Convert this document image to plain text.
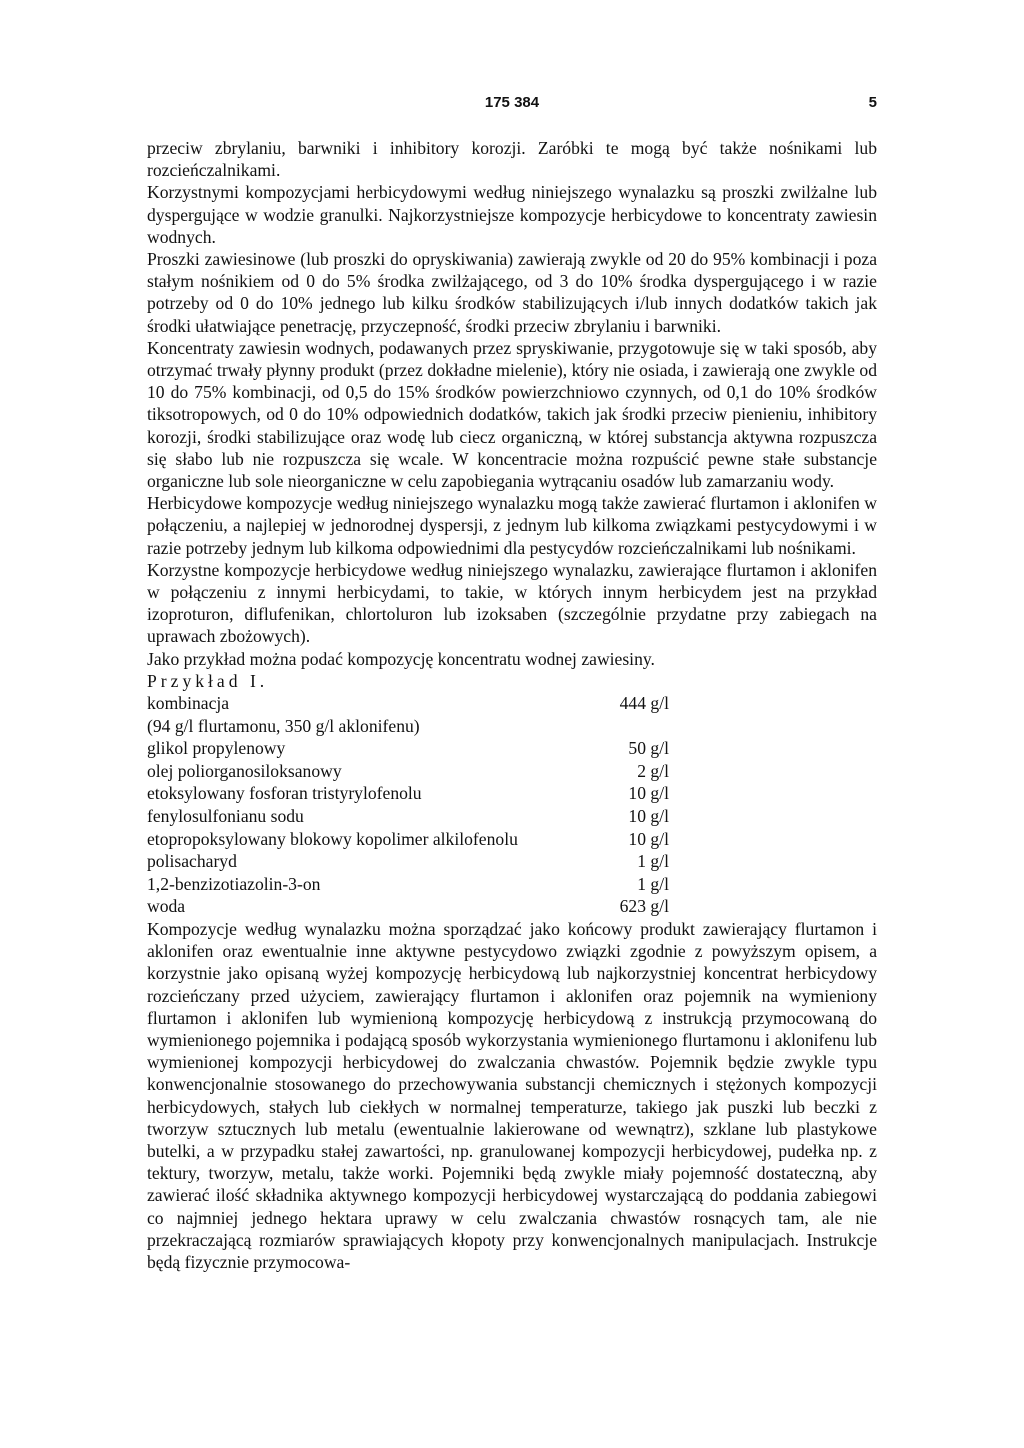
175 384	5

przeciw zbrylaniu, barwniki i inhibitory korozji. Zaróbki te mogą być także nośnikami lub rozcieńczalnikami.

Korzystnymi kompozycjami herbicydowymi według niniejszego wynalazku są proszki zwilżalne lub dyspergujące w wodzie granulki. Najkorzystniejsze kompozycje herbicydowe to koncentraty zawiesin wodnych.

Proszki zawiesinowe (lub proszki do opryskiwania) zawierają zwykle od 20 do 95% kombinacji i poza stałym nośnikiem od 0 do 5% środka zwilżającego, od 3 do 10% środka dyspergującego i w razie potrzeby od 0 do 10% jednego lub kilku środków stabilizujących i/lub innych dodatków takich jak środki ułatwiające penetrację, przyczepność, środki przeciw zbrylaniu i barwniki.

Koncentraty zawiesin wodnych, podawanych przez spryskiwanie, przygotowuje się w taki sposób, aby otrzymać trwały płynny produkt (przez dokładne mielenie), który nie osiada, i zawierają one zwykle od 10 do 75% kombinacji, od 0,5 do 15% środków powierzchniowo czynnych, od 0,1 do 10% środków tiksotropowych, od 0 do 10% odpowiednich dodatków, takich jak środki przeciw pienieniu, inhibitory korozji, środki stabilizujące oraz wodę lub ciecz organiczną, w której substancja aktywna rozpuszcza się słabo lub nie rozpuszcza się wcale. W koncentracie można rozpuścić pewne stałe substancje organiczne lub sole nieorganiczne w celu zapobiegania wytrącaniu osadów lub zamarzaniu wody.

Herbicydowe kompozycje według niniejszego wynalazku mogą także zawierać flurtamon i aklonifen w połączeniu, a najlepiej w jednorodnej dyspersji, z jednym lub kilkoma związkami pestycydowymi i w razie potrzeby jednym lub kilkoma odpowiednimi dla pestycydów rozcieńczalnikami lub nośnikami.

Korzystne kompozycje herbicydowe według niniejszego wynalazku, zawierające flurtamon i aklonifen w połączeniu z innymi herbicydami, to takie, w których innym herbicydem jest na przykład izoproturon, diflufenikan, chlortoluron lub izoksaben (szczególnie przydatne przy zabiegach na uprawach zbożowych).

Jako przykład można podać kompozycję koncentratu wodnej zawiesiny.

Przykład I.

kombinacja	444 g/l
(94 g/l flurtamonu, 350 g/l aklonifenu)	
glikol propylenowy	50 g/l
olej poliorganosiloksanowy	2 g/l
etoksylowany fosforan tristyrylofenolu	10 g/l
fenylosulfonianu sodu	10 g/l
etopropoksylowany blokowy kopolimer alkilofenolu	10 g/l
polisacharyd	1 g/l
1,2-benzizotiazolin-3-on	1 g/l
woda	623 g/l

Kompozycje według wynalazku można sporządzać jako końcowy produkt zawierający flurtamon i aklonifen oraz ewentualnie inne aktywne pestycydowo związki zgodnie z powyższym opisem, a korzystnie jako opisaną wyżej kompozycję herbicydową lub najkorzystniej koncentrat herbicydowy rozcieńczany przed użyciem, zawierający flurtamon i aklonifen oraz pojemnik na wymieniony flurtamon i aklonifen lub wymienioną kompozycję herbicydową z instrukcją przymocowaną do wymienionego pojemnika i podającą sposób wykorzystania wymienionego flurtamonu i aklonifenu lub wymienionej kompozycji herbicydowej do zwalczania chwastów. Pojemnik będzie zwykle typu konwencjonalnie stosowanego do przechowywania substancji chemicznych i stężonych kompozycji herbicydowych, stałych lub ciekłych w normalnej temperaturze, takiego jak puszki lub beczki z tworzyw sztucznych lub metalu (ewentualnie lakierowane od wewnątrz), szklane lub plastykowe butelki, a w przypadku stałej zawartości, np. granulowanej kompozycji herbicydowej, pudełka np. z tektury, tworzyw, metalu, także worki. Pojemniki będą zwykle miały pojemność dostateczną, aby zawierać ilość składnika aktywnego kompozycji herbicydowej wystarczającą do poddania zabiegowi co najmniej jednego hektara uprawy w celu zwalczania chwastów rosnących tam, ale nie przekraczającą rozmiarów sprawiających kłopoty przy konwencjonalnych manipulacjach. Instrukcje będą fizycznie przymocowa-
